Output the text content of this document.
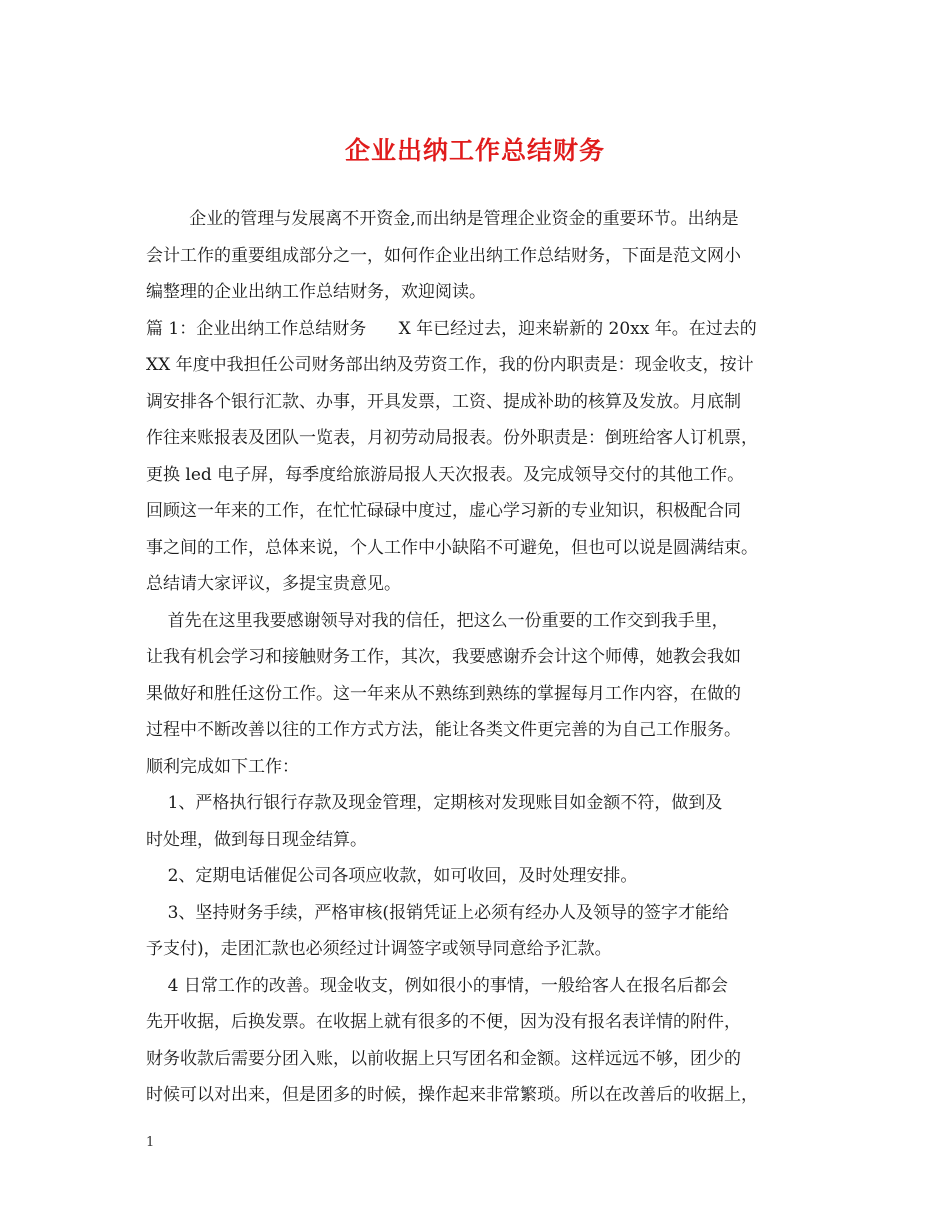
企业出纳工作总结财务
企业的管理与发展离不开资金,而出纳是管理企业资金的重要环节。出纳是
会计工作的重要组成部分之一，如何作企业出纳工作总结财务，下面是范文网小
编整理的企业出纳工作总结财务，欢迎阅读。
篇 1：企业出纳工作总结财务      X 年已经过去，迎来崭新的 20xx 年。在过去的
XX 年度中我担任公司财务部出纳及劳资工作，我的份内职责是：现金收支，按计
调安排各个银行汇款、办事，开具发票，工资、提成补助的核算及发放。月底制
作往来账报表及团队一览表，月初劳动局报表。份外职责是：倒班给客人订机票，
更换 led 电子屏，每季度给旅游局报人天次报表。及完成领导交付的其他工作。
回顾这一年来的工作，在忙忙碌碌中度过，虚心学习新的专业知识，积极配合同
事之间的工作，总体来说，个人工作中小缺陷不可避免，但也可以说是圆满结束。
总结请大家评议，多提宝贵意见。
首先在这里我要感谢领导对我的信任，把这么一份重要的工作交到我手里，
让我有机会学习和接触财务工作，其次，我要感谢乔会计这个师傅，她教会我如
果做好和胜任这份工作。这一年来从不熟练到熟练的掌握每月工作内容，在做的
过程中不断改善以往的工作方式方法，能让各类文件更完善的为自己工作服务。
顺利完成如下工作：
1、严格执行银行存款及现金管理，定期核对发现账目如金额不符，做到及
时处理，做到每日现金结算。
2、定期电话催促公司各项应收款，如可收回，及时处理安排。
3、坚持财务手续，严格审核(报销凭证上必须有经办人及领导的签字才能给
予支付)，走团汇款也必须经过计调签字或领导同意给予汇款。
4 日常工作的改善。现金收支，例如很小的事情，一般给客人在报名后都会
先开收据，后换发票。在收据上就有很多的不便，因为没有报名表详情的附件，
财务收款后需要分团入账，以前收据上只写团名和金额。这样远远不够，团少的
时候可以对出来，但是团多的时候，操作起来非常繁琐。所以在改善后的收据上，
1
